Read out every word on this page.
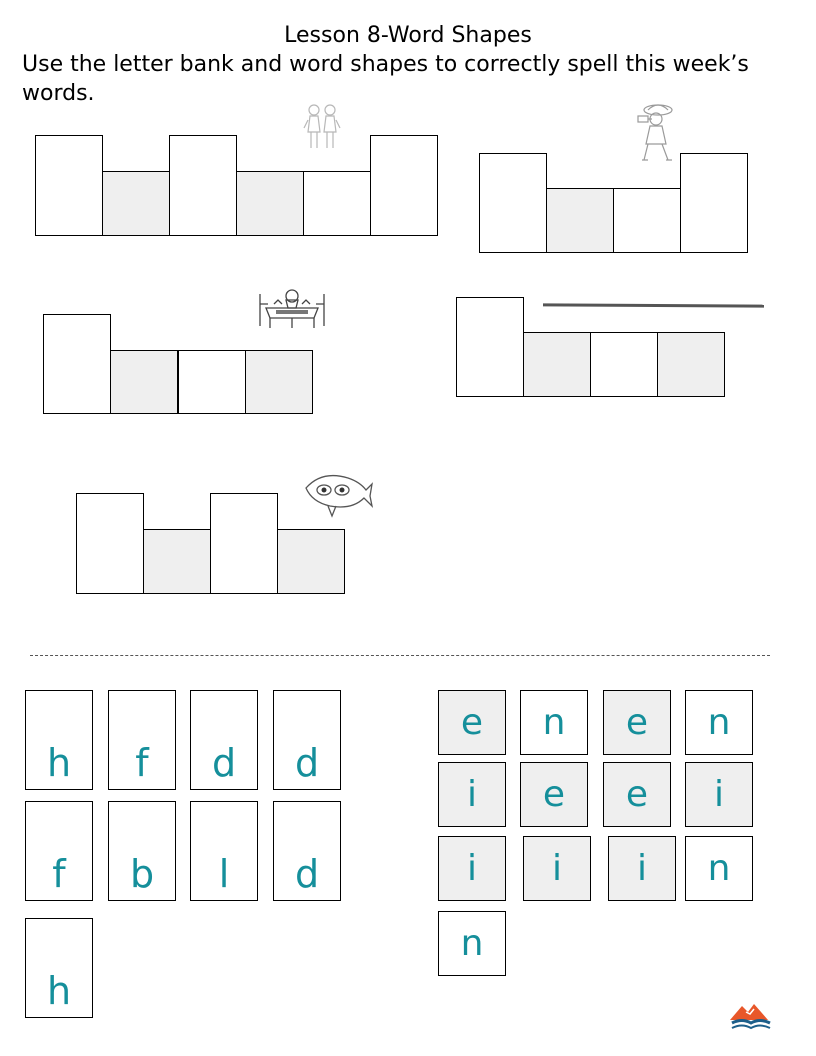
Lesson 8-Word Shapes
Use the letter bank and word shapes to correctly spell this week’s words.
h	f	d	d
f	b	l	d
h
e	n	e	n
i	e	e	i
i	i	i	n
n
